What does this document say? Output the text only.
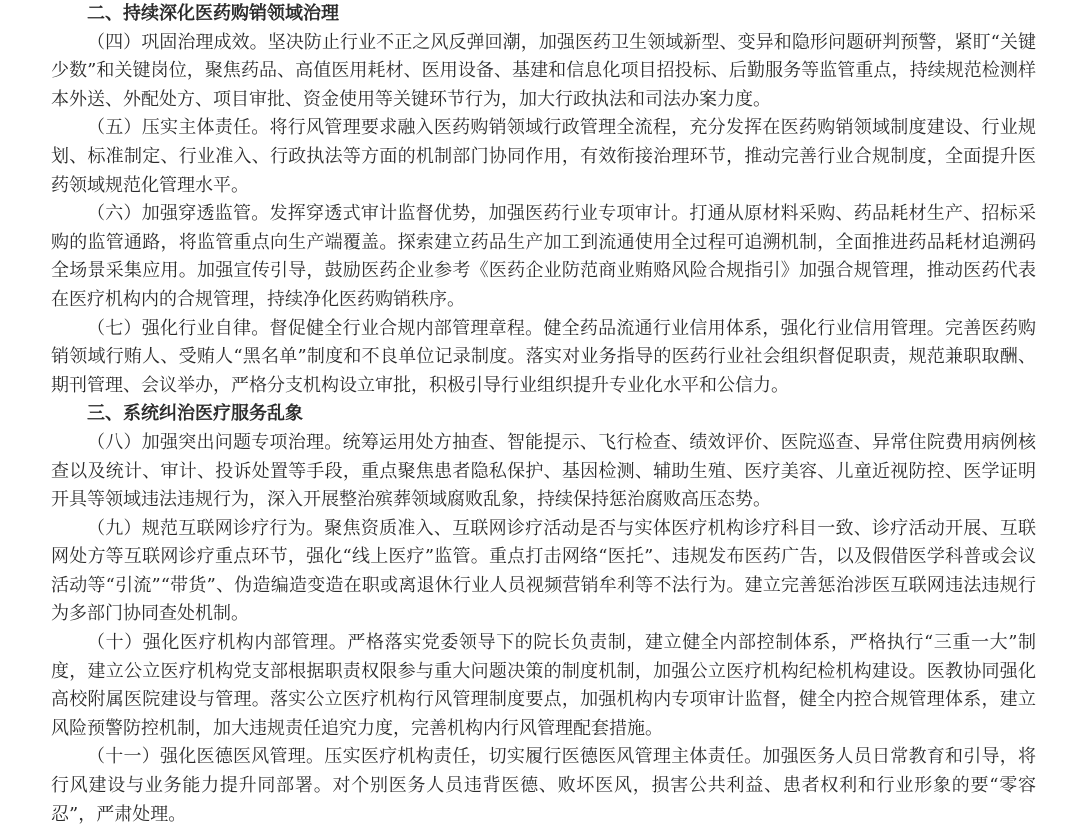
二、持续深化医药购销领域治理

（四）巩固治理成效。坚决防止行业不正之风反弹回潮，加强医药卫生领域新型、变异和隐形问题研判预警，紧盯“关键少数”和关键岗位，聚焦药品、高值医用耗材、医用设备、基建和信息化项目招投标、后勤服务等监管重点，持续规范检测样本外送、外配处方、项目审批、资金使用等关键环节行为，加大行政执法和司法办案力度。

（五）压实主体责任。将行风管理要求融入医药购销领域行政管理全流程，充分发挥在医药购销领域制度建设、行业规划、标准制定、行业准入、行政执法等方面的机制部门协同作用，有效衔接治理环节，推动完善行业合规制度，全面提升医药领域规范化管理水平。

（六）加强穿透监管。发挥穿透式审计监督优势，加强医药行业专项审计。打通从原材料采购、药品耗材生产、招标采购的监管通路，将监管重点向生产端覆盖。探索建立药品生产加工到流通使用全过程可追溯机制，全面推进药品耗材追溯码全场景采集应用。加强宣传引导，鼓励医药企业参考《医药企业防范商业贿赂风险合规指引》加强合规管理，推动医药代表在医疗机构内的合规管理，持续净化医药购销秩序。

（七）强化行业自律。督促健全行业合规内部管理章程。健全药品流通行业信用体系，强化行业信用管理。完善医药购销领域行贿人、受贿人“黑名单”制度和不良单位记录制度。落实对业务指导的医药行业社会组织督促职责，规范兼职取酬、期刊管理、会议举办，严格分支机构设立审批，积极引导行业组织提升专业化水平和公信力。

三、系统纠治医疗服务乱象

（八）加强突出问题专项治理。统筹运用处方抽查、智能提示、飞行检查、绩效评价、医院巡查、异常住院费用病例核查以及统计、审计、投诉处置等手段，重点聚焦患者隐私保护、基因检测、辅助生殖、医疗美容、儿童近视防控、医学证明开具等领域违法违规行为，深入开展整治殡葬领域腐败乱象，持续保持惩治腐败高压态势。

（九）规范互联网诊疗行为。聚焦资质准入、互联网诊疗活动是否与实体医疗机构诊疗科目一致、诊疗活动开展、互联网处方等互联网诊疗重点环节，强化“线上医疗”监管。重点打击网络“医托”、违规发布医药广告，以及假借医学科普或会议活动等“引流”“带货”、伪造编造变造在职或离退休行业人员视频营销牟利等不法行为。建立完善惩治涉医互联网违法违规行为多部门协同查处机制。

（十）强化医疗机构内部管理。严格落实党委领导下的院长负责制，建立健全内部控制体系，严格执行“三重一大”制度，建立公立医疗机构党支部根据职责权限参与重大问题决策的制度机制，加强公立医疗机构纪检机构建设。医教协同强化高校附属医院建设与管理。落实公立医疗机构行风管理制度要点，加强机构内专项审计监督，健全内控合规管理体系，建立风险预警防控机制，加大违规责任追究力度，完善机构内行风管理配套措施。

（十一）强化医德医风管理。压实医疗机构责任，切实履行医德医风管理主体责任。加强医务人员日常教育和引导，将行风建设与业务能力提升同部署。对个别医务人员违背医德、败坏医风，损害公共利益、患者权利和行业形象的要“零容忍”，严肃处理。
